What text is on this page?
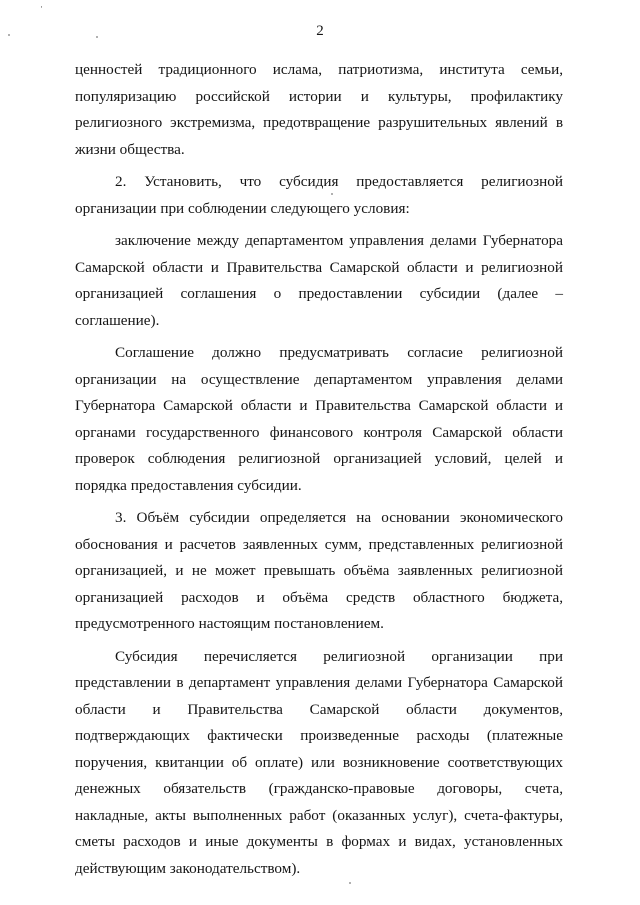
·
2

ценностей традиционного ислама, патриотизма, института семьи, популяризацию российской истории и культуры, профилактику религиозного экстремизма, предотвращение разрушительных явлений в жизни общества.

2. Установить, что субсидия предоставляется религиозной организации при соблюдении следующего условия:

заключение между департаментом управления делами Губернатора Самарской области и Правительства Самарской области и религиозной организацией соглашения о предоставлении субсидии (далее – соглашение).

Соглашение должно предусматривать согласие религиозной организации на осуществление департаментом управления делами Губернатора Самарской области и Правительства Самарской области и органами государственного финансового контроля Самарской области проверок соблюдения религиозной организацией условий, целей и порядка предоставления субсидии.

3. Объём субсидии определяется на основании экономического обоснования и расчетов заявленных сумм, представленных религиозной организацией, и не может превышать объёма заявленных религиозной организацией расходов и объёма средств областного бюджета, предусмотренного настоящим постановлением.

Субсидия перечисляется религиозной организации при представлении в департамент управления делами Губернатора Самарской области и Правительства Самарской области документов, подтверждающих фактически произведенные расходы (платежные поручения, квитанции об оплате) или возникновение соответствующих денежных обязательств (гражданско-правовые договоры, счета, накладные, акты выполненных работ (оказанных услуг), счета-фактуры, сметы расходов и иные документы в формах и видах, установленных действующим законодательством).
